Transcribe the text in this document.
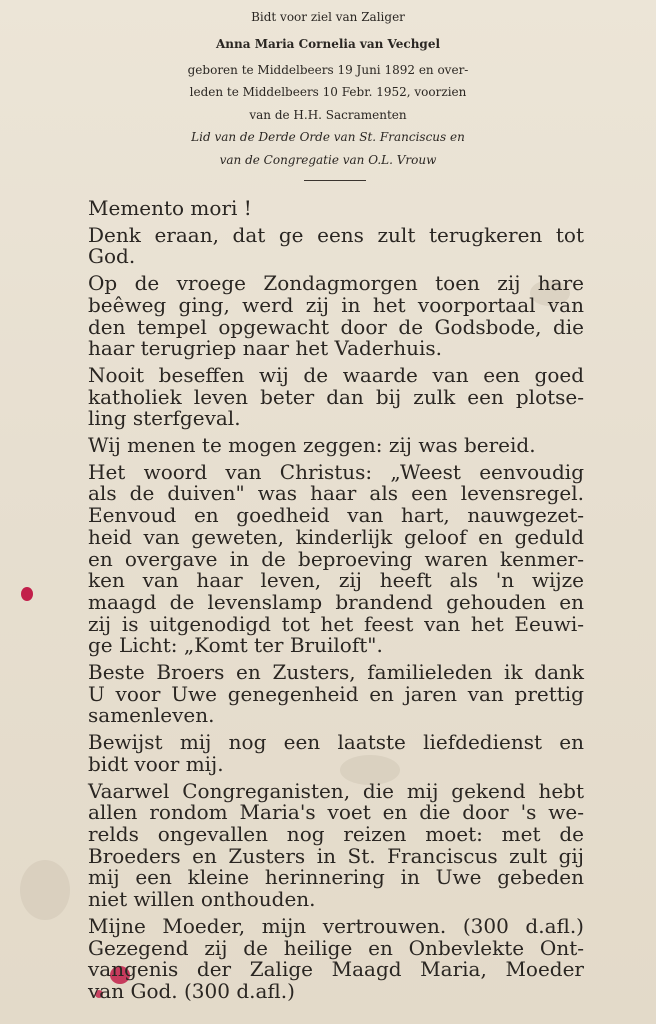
Bidt voor ziel van Zaliger
Anna Maria Cornelia van Vechgel
geboren te Middelbeers 19 Juni 1892 en over-
leden te Middelbeers 10 Febr. 1952, voorzien
van de H.H. Sacramenten
Lid van de Derde Orde van St. Franciscus en
van de Congregatie van O.L. Vrouw
Memento mori !
Denk eraan, dat ge eens zult terugkeren tot
God.
Op de vroege Zondagmorgen toen zij hare
beêweg ging, werd zij in het voorportaal van
den tempel opgewacht door de Godsbode, die
haar terugriep naar het Vaderhuis.
Nooit beseffen wij de waarde van een goed
katholiek leven beter dan bij zulk een plotse-
ling sterfgeval.
Wij menen te mogen zeggen: zij was bereid.
Het woord van Christus: „Weest eenvoudig
als de duiven" was haar als een levensregel.
Eenvoud en goedheid van hart, nauwgezet-
heid van geweten, kinderlijk geloof en geduld
en overgave in de beproeving waren kenmer-
ken van haar leven, zij heeft als 'n wijze
maagd de levenslamp brandend gehouden en
zij is uitgenodigd tot het feest van het Eeuwi-
ge Licht: „Komt ter Bruiloft".
Beste Broers en Zusters, familieleden ik dank
U voor Uwe genegenheid en jaren van prettig
samenleven.
Bewijst mij nog een laatste liefdedienst en
bidt voor mij.
Vaarwel Congreganisten, die mij gekend hebt
allen rondom Maria's voet en die door 's we-
relds ongevallen nog reizen moet: met de
Broeders en Zusters in St. Franciscus zult gij
mij een kleine herinnering in Uwe gebeden
niet willen onthouden.
Mijne Moeder, mijn vertrouwen. (300 d.afl.)
Gezegend zij de heilige en Onbevlekte Ont-
vangenis der Zalige Maagd Maria, Moeder
van God. (300 d.afl.)
